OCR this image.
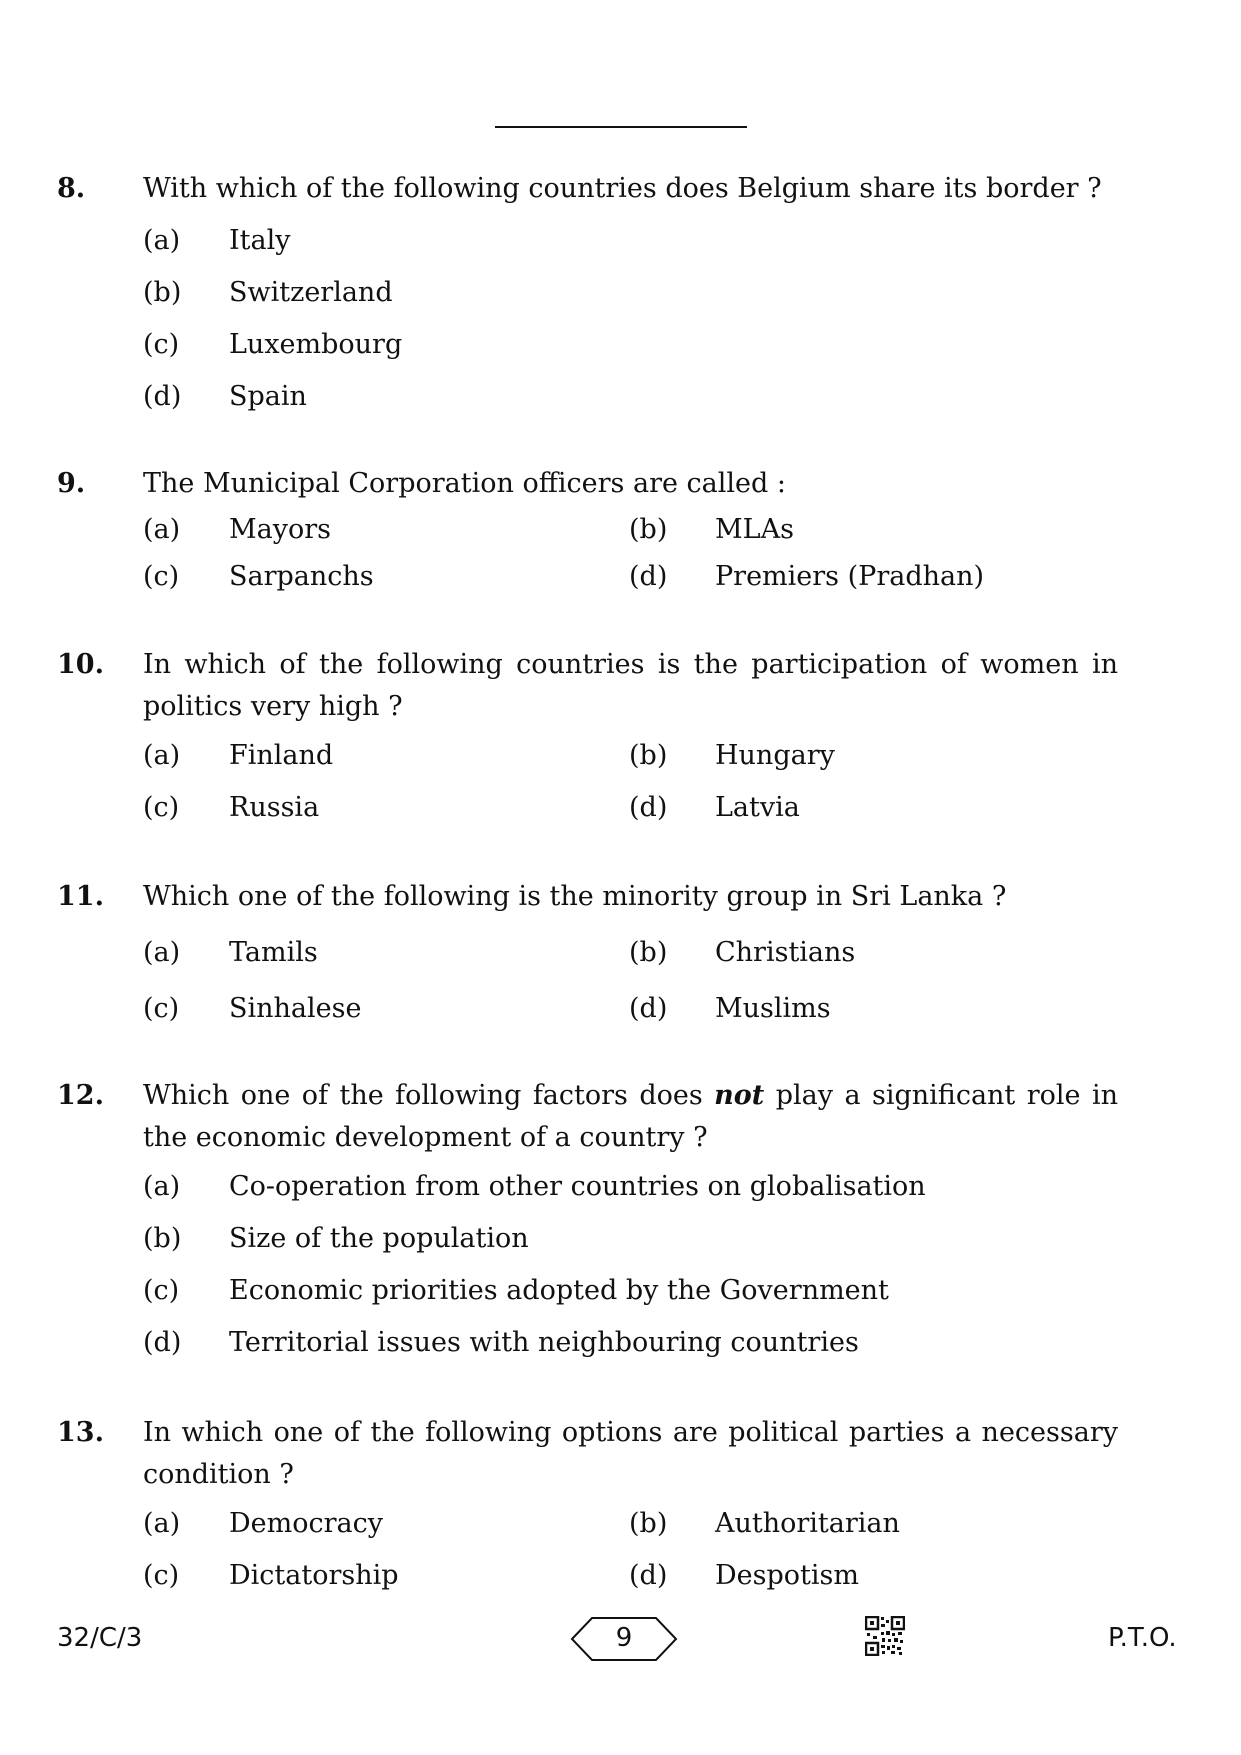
8. With which of the following countries does Belgium share its border ?
(a) Italy
(b) Switzerland
(c) Luxembourg
(d) Spain
9. The Municipal Corporation officers are called :
(a) Mayors	(b) MLAs
(c) Sarpanchs	(d) Premiers (Pradhan)
10. In which of the following countries is the participation of women in politics very high ?
(a) Finland	(b) Hungary
(c) Russia	(d) Latvia
11. Which one of the following is the minority group in Sri Lanka ?
(a) Tamils	(b) Christians
(c) Sinhalese	(d) Muslims
12. Which one of the following factors does not play a significant role in the economic development of a country ?
(a) Co-operation from other countries on globalisation
(b) Size of the population
(c) Economic priorities adopted by the Government
(d) Territorial issues with neighbouring countries
13. In which one of the following options are political parties a necessary condition ?
(a) Democracy	(b) Authoritarian
(c) Dictatorship	(d) Despotism
32/C/3	9	P.T.O.
